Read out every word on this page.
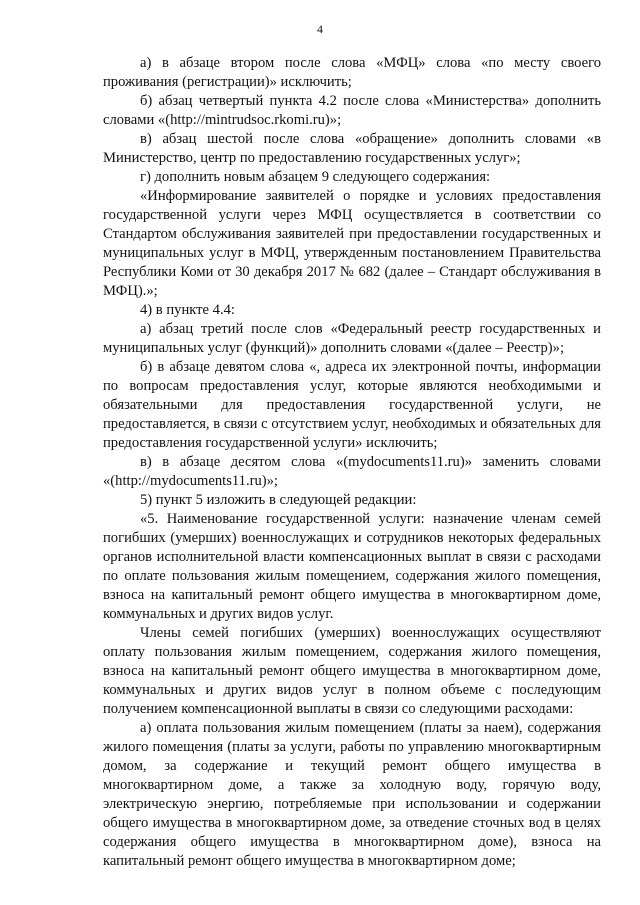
4

а) в абзаце втором после слова «МФЦ» слова «по месту своего проживания (регистрации)» исключить;

б) абзац четвертый пункта 4.2 после слова «Министерства» дополнить словами «(http://mintrudsoc.rkomi.ru)»;

в) абзац шестой после слова «обращение» дополнить словами «в Министерство, центр по предоставлению государственных услуг»;

г) дополнить новым абзацем 9 следующего содержания:

«Информирование заявителей о порядке и условиях предоставления государственной услуги через МФЦ осуществляется в соответствии со Стандартом обслуживания заявителей при предоставлении государственных и муниципальных услуг в МФЦ, утвержденным постановлением Правительства Республики Коми от 30 декабря 2017 № 682 (далее – Стандарт обслуживания в МФЦ).»;

4) в пункте 4.4:

а) абзац третий после слов «Федеральный реестр государственных и муниципальных услуг (функций)» дополнить словами «(далее – Реестр)»;

б) в абзаце девятом слова «, адреса их электронной почты, информации по вопросам предоставления услуг, которые являются необходимыми и обязательными для предоставления государственной услуги, не предоставляется, в связи с отсутствием услуг, необходимых и обязательных для предоставления государственной услуги» исключить;

в) в абзаце десятом слова «(mydocuments11.ru)» заменить словами «(http://mydocuments11.ru)»;

5) пункт 5 изложить в следующей редакции:

«5. Наименование государственной услуги: назначение членам семей погибших (умерших) военнослужащих и сотрудников некоторых федеральных органов исполнительной власти компенсационных выплат в связи с расходами по оплате пользования жилым помещением, содержания жилого помещения, взноса на капитальный ремонт общего имущества в многоквартирном доме, коммунальных и других видов услуг.

Члены семей погибших (умерших) военнослужащих осуществляют оплату пользования жилым помещением, содержания жилого помещения, взноса на капитальный ремонт общего имущества в многоквартирном доме, коммунальных и других видов услуг в полном объеме с последующим получением компенсационной выплаты в связи со следующими расходами:

а) оплата пользования жилым помещением (платы за наем), содержания жилого помещения (платы за услуги, работы по управлению многоквартирным домом, за содержание и текущий ремонт общего имущества в многоквартирном доме, а также за холодную воду, горячую воду, электрическую энергию, потребляемые при использовании и содержании общего имущества в многоквартирном доме, за отведение сточных вод в целях содержания общего имущества в многоквартирном доме), взноса на капитальный ремонт общего имущества в многоквартирном доме;
